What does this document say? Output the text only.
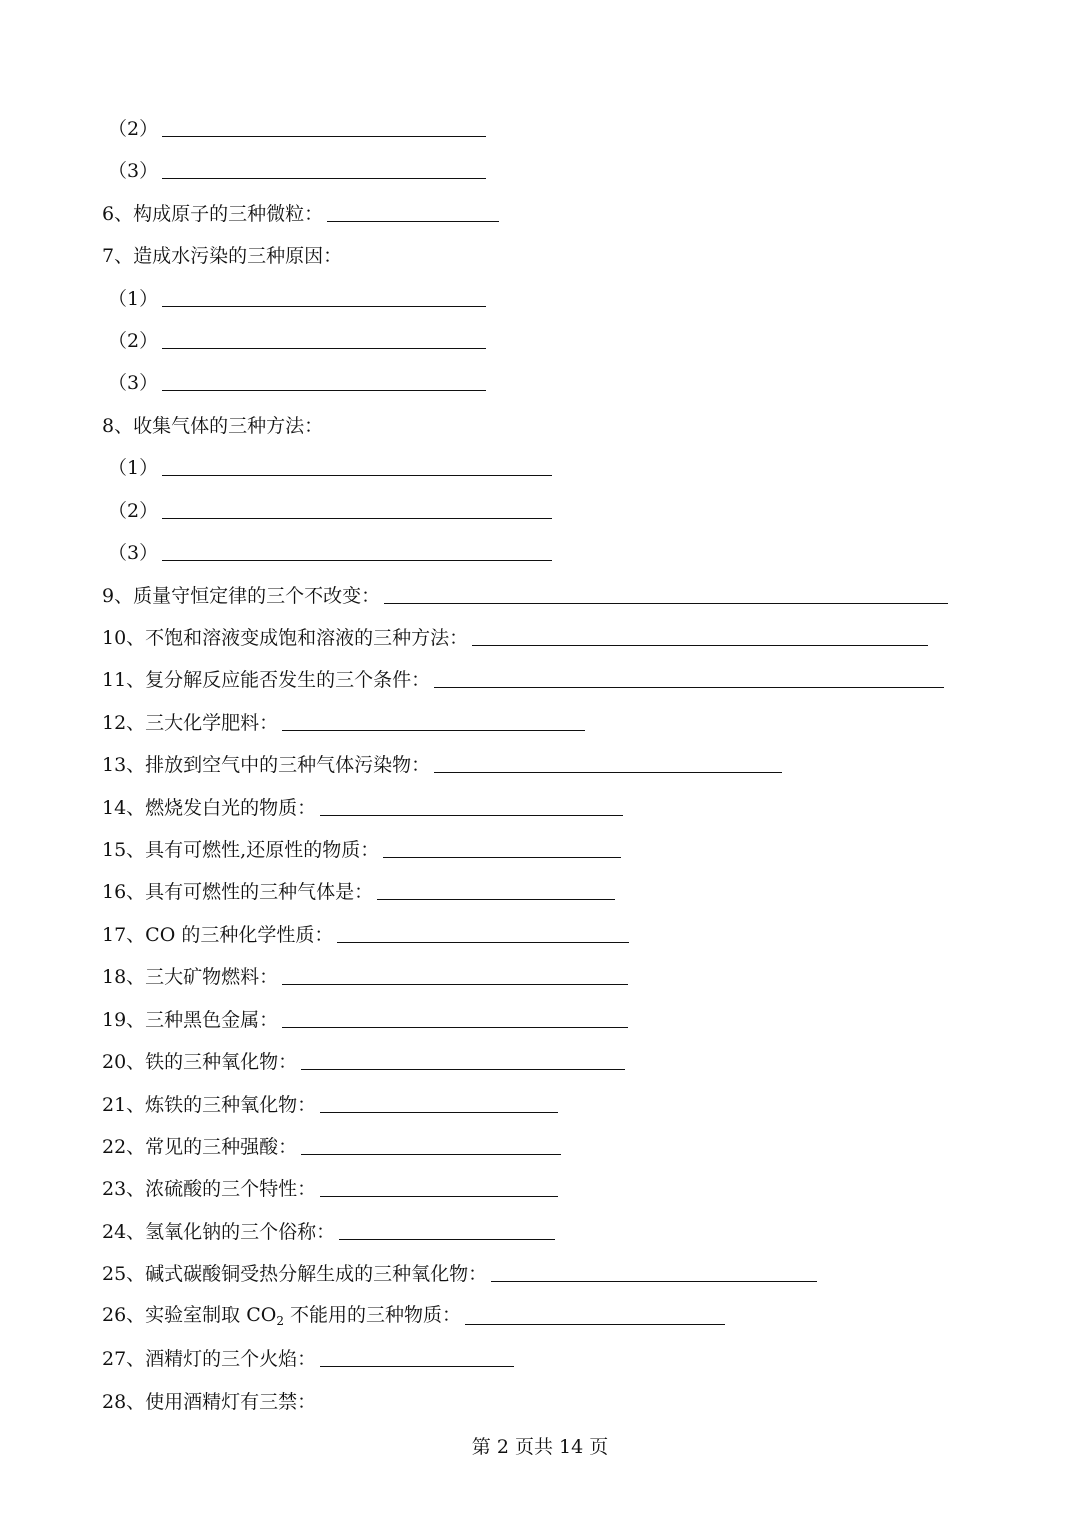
（2）
（3）
6、构成原子的三种微粒：
7、造成水污染的三种原因：
（1）
（2）
（3）
8、收集气体的三种方法：
（1）
（2）
（3）
9、质量守恒定律的三个不改变：
10、不饱和溶液变成饱和溶液的三种方法：
11、复分解反应能否发生的三个条件：
12、三大化学肥料：
13、排放到空气中的三种气体污染物：
14、燃烧发白光的物质：
15、具有可燃性,还原性的物质：
16、具有可燃性的三种气体是：
17、CO 的三种化学性质：
18、三大矿物燃料：
19、三种黑色金属：
20、铁的三种氧化物：
21、炼铁的三种氧化物：
22、常见的三种强酸：
23、浓硫酸的三个特性：
24、氢氧化钠的三个俗称：
25、碱式碳酸铜受热分解生成的三种氧化物：
26、实验室制取 $CO_2$ 不能用的三种物质：
27、酒精灯的三个火焰：
28、使用酒精灯有三禁：
第 2 页共 14 页
